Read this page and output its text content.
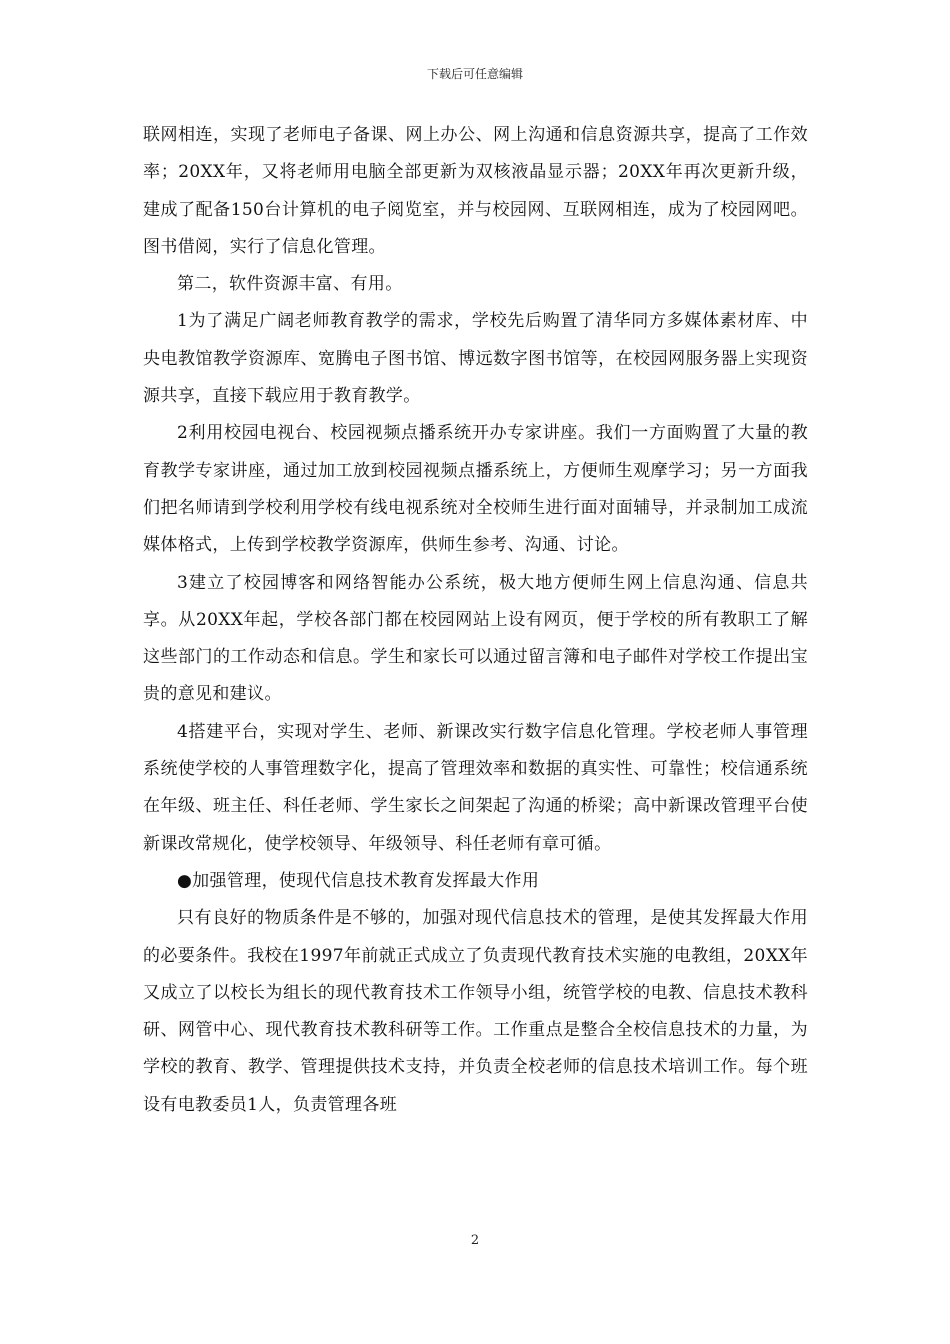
下载后可任意编辑

联网相连，实现了老师电子备课、网上办公、网上沟通和信息资源共享，提高了工作效率；20XX年，又将老师用电脑全部更新为双核液晶显示器；20XX年再次更新升级，建成了配备150台计算机的电子阅览室，并与校园网、互联网相连，成为了校园网吧。图书借阅，实行了信息化管理。

第二，软件资源丰富、有用。

1为了满足广阔老师教育教学的需求，学校先后购置了清华同方多媒体素材库、中央电教馆教学资源库、宽腾电子图书馆、博远数字图书馆等，在校园网服务器上实现资源共享，直接下载应用于教育教学。

2利用校园电视台、校园视频点播系统开办专家讲座。我们一方面购置了大量的教育教学专家讲座，通过加工放到校园视频点播系统上，方便师生观摩学习；另一方面我们把名师请到学校利用学校有线电视系统对全校师生进行面对面辅导，并录制加工成流媒体格式，上传到学校教学资源库，供师生参考、沟通、讨论。

3建立了校园博客和网络智能办公系统，极大地方便师生网上信息沟通、信息共享。从20XX年起，学校各部门都在校园网站上设有网页，便于学校的所有教职工了解这些部门的工作动态和信息。学生和家长可以通过留言簿和电子邮件对学校工作提出宝贵的意见和建议。

4搭建平台，实现对学生、老师、新课改实行数字信息化管理。学校老师人事管理系统使学校的人事管理数字化，提高了管理效率和数据的真实性、可靠性；校信通系统在年级、班主任、科任老师、学生家长之间架起了沟通的桥梁；高中新课改管理平台使新课改常规化，使学校领导、年级领导、科任老师有章可循。

●加强管理，使现代信息技术教育发挥最大作用

只有良好的物质条件是不够的，加强对现代信息技术的管理，是使其发挥最大作用的必要条件。我校在1997年前就正式成立了负责现代教育技术实施的电教组，20XX年又成立了以校长为组长的现代教育技术工作领导小组，统管学校的电教、信息技术教科研、网管中心、现代教育技术教科研等工作。工作重点是整合全校信息技术的力量，为学校的教育、教学、管理提供技术支持，并负责全校老师的信息技术培训工作。每个班设有电教委员1人，负责管理各班

2
